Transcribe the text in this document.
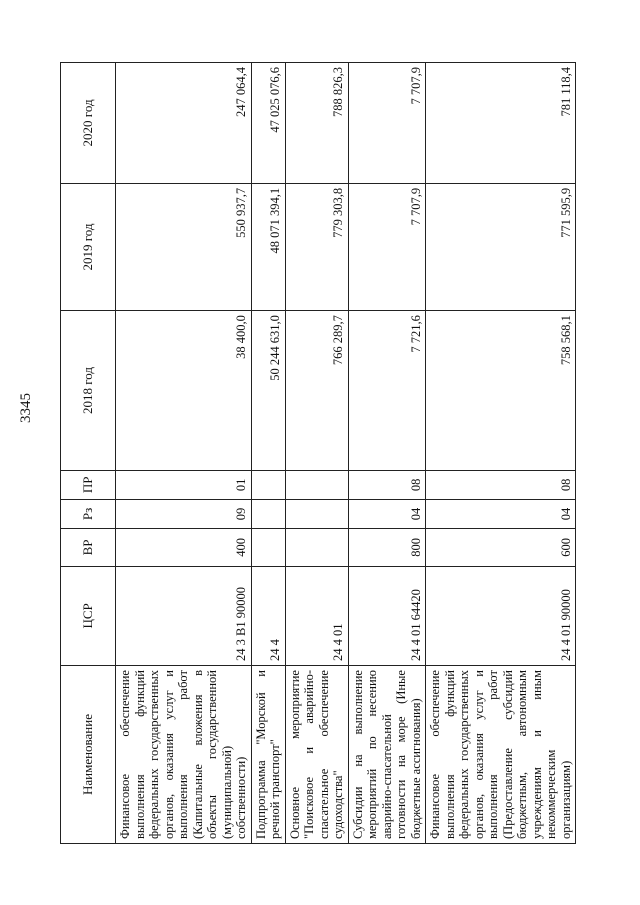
3345
Наименование	ЦСР	ВР	Рз	ПР	2018 год	2019 год	2020 год
Финансовое обеспечение выполнения функций федеральных государственных органов, оказания услуг и выполнения работ (Капитальные вложения в объекты государственной (муниципальной) собственности)	24 3 B1 90000	400	09	01	38 400,0	550 937,7	247 064,4
Подпрограмма "Морской и речной транспорт"	24 4				50 244 631,0	48 071 394,1	47 025 076,6
Основное мероприятие "Поисковое и аварийно-спасательное обеспечение судоходства"	24 4 01				766 289,7	779 303,8	788 826,3
Субсидии на выполнение мероприятий по несению аварийно-спасательной готовности на море (Иные бюджетные ассигнования)	24 4 01 64420	800	04	08	7 721,6	7 707,9	7 707,9
Финансовое обеспечение выполнения функций федеральных государственных органов, оказания услуг и выполнения работ (Предоставление субсидий бюджетным, автономным учреждениям и иным некоммерческим организациям)	24 4 01 90000	600	04	08	758 568,1	771 595,9	781 118,4
